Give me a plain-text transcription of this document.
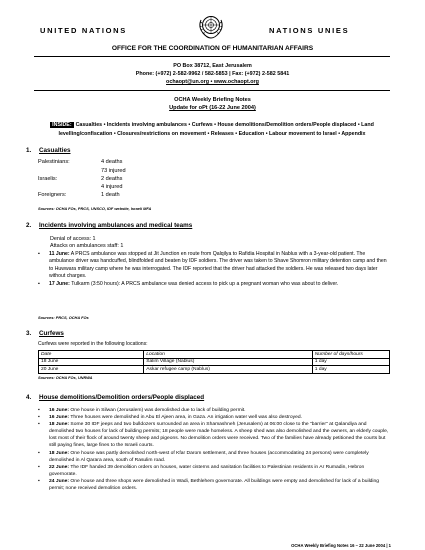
UNITED NATIONS	NATIONS UNIES
OFFICE FOR THE COORDINATION OF HUMANITARIAN AFFAIRS
PO Box 38712, East Jerusalem
Phone: (+972) 2-582-9962 / 582-5853 | Fax: (+972) 2-582 5841
ochaopt@un.org • www.ochaopt.org
OCHA Weekly Briefing Notes
Update for oPt (16-22 June 2004)
INSIDE: Casualties • Incidents involving ambulances • Curfews • House demolitions/Demolition orders/People displaced • Land levelling/confiscation • Closures/restrictions on movement • Releases • Education • Labour movement to Israel • Appendix
1. Casualties
Palestinians:	4 deaths
73 injured
Israelis:	2 deaths
4 injured
Foreigners:	1 death
Sources: OCHA FOs, PRCS, UNSCO, IDF website, Israeli MFA
2. Incidents involving ambulances and medical teams
Denial of access: 1
Attacks on ambulances staff: 1
▪ 11 June: A PRCS ambulance was stopped at Jit Junction en route from Qalqilya to Rafidia Hospital in Nablus with a 3-year-old patient. The ambulance driver was handcuffed, blindfolded and beaten by IDF soldiers. The driver was taken to Shave Shomron military detention camp and then to Huwwara military camp where he was interrogated. The IDF reported that the driver had attacked the soldiers. He was released two days later without charges.
▪ 17 June: Tulkarm (3:50 hours): A PRCS ambulance was denied access to pick up a pregnant woman who was about to deliver.
Sources: PRCS, OCHA FOs
3. Curfews
Curfews were reported in the following locations:
Date	Location	Number of days/hours
18 June	Salim Village (Nablus)	1 day
20 June	Askar refugee camp (Nablus)	1 day
Sources: OCHA FOs, UNRWA
4. House demolitions/Demolition orders/People displaced
▪ 16 June: One house in Silwan (Jerusalem) was demolished due to lack of building permit.
▪ 16 June: Three houses were demolished in Abu El Ajeen area, in Gaza. An irrigation water well was also destroyed.
▪ 18 June: Some 30 IDF jeeps and two bulldozers surrounded an area in Shamashneh (Jerusalem) at 06:00 close to the "barrier" at Qalandiya and demolished two houses for lack of building permits; 18 people were made homeless. A sheep shed was also demolished and the owners, an elderly couple, lost most of their flock of around twenty sheep and pigeons. No demolition orders were received. Two of the families have already petitioned the courts but still paying fines, large fines to the Israeli courts.
▪ 18 June: One house was partly demolished north-west of Kfar Darom settlement, and three houses (accommodating 24 persons) were completely demolished in Al Qarara area, south of Rasulim road.
▪ 22 June: The IDF handed 39 demolition orders on houses, water cisterns and sanitation facilities to Palestinian residents in Ar Rumadin, Hebron governorate.
▪ 24 June: One house and three shops were demolished in Wadi, Bethlehem governorate. All buildings were empty and demolished for lack of a building permit; none received demolition orders.
OCHA Weekly Briefing Notes 16 – 22 June 2004 | 1
